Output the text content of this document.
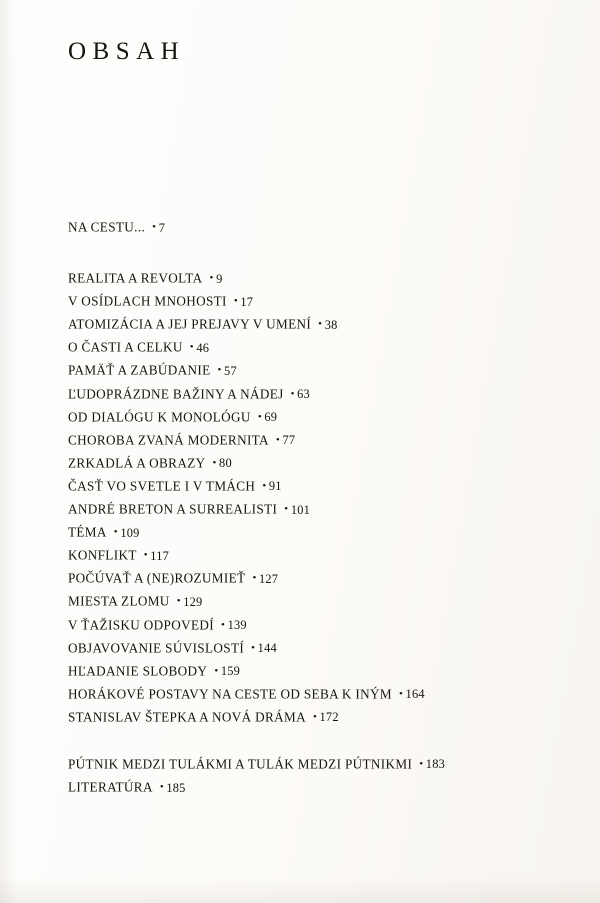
OBSAH
NA CESTU... • 7
REALITA A REVOLTA • 9
V OSÍDLACH MNOHOSTI • 17
ATOMIZÁCIA A JEJ PREJAVY V UMENÍ • 38
O ČASTI A CELKU • 46
PAMÄŤ A ZABÚDANIE • 57
ĽUDOPRÁZDNE BAŽINY A NÁDEJ • 63
OD DIALÓGU K MONOLÓGU • 69
CHOROBA ZVANÁ MODERNITA • 77
ZRKADLÁ A OBRAZY • 80
ČASŤ VO SVETLE I V TMÁCH • 91
ANDRÉ BRETON A SURREALISTI • 101
TÉMA • 109
KONFLIKT • 117
POČÚVAŤ A (NE)ROZUMIEŤ • 127
MIESTA ZLOMU • 129
V ŤAŽISKU ODPOVEDÍ • 139
OBJAVOVANIE SÚVISLOSTÍ • 144
HĽADANIE SLOBODY • 159
HORÁKOVÉ POSTAVY NA CESTE OD SEBA K INÝM • 164
STANISLAV ŠTEPKA A NOVÁ DRÁMA • 172
PÚTNIK MEDZI TULÁKMI A TULÁK MEDZI PÚTNIKMI • 183
LITERATÚRA • 185
